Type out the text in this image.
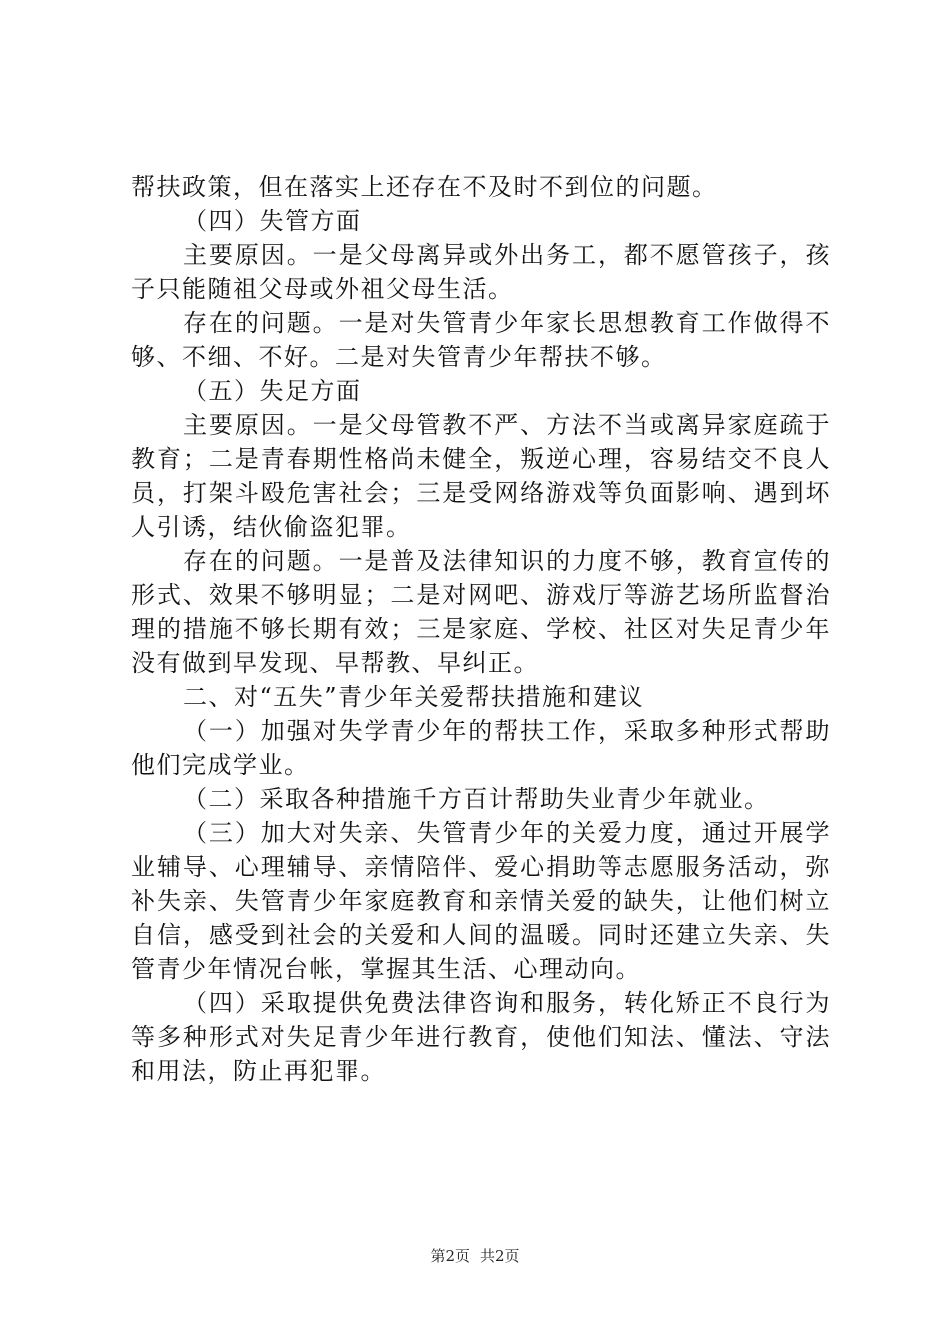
帮扶政策，但在落实上还存在不及时不到位的问题。

（四）失管方面

主要原因。一是父母离异或外出务工，都不愿管孩子，孩子只能随祖父母或外祖父母生活。

存在的问题。一是对失管青少年家长思想教育工作做得不够、不细、不好。二是对失管青少年帮扶不够。

（五）失足方面

主要原因。一是父母管教不严、方法不当或离异家庭疏于教育；二是青春期性格尚未健全，叛逆心理，容易结交不良人员，打架斗殴危害社会；三是受网络游戏等负面影响、遇到坏人引诱，结伙偷盗犯罪。

存在的问题。一是普及法律知识的力度不够，教育宣传的形式、效果不够明显；二是对网吧、游戏厅等游艺场所监督治理的措施不够长期有效；三是家庭、学校、社区对失足青少年没有做到早发现、早帮教、早纠正。

二、对“五失”青少年关爱帮扶措施和建议

（一）加强对失学青少年的帮扶工作，采取多种形式帮助他们完成学业。

（二）采取各种措施千方百计帮助失业青少年就业。

（三）加大对失亲、失管青少年的关爱力度，通过开展学业辅导、心理辅导、亲情陪伴、爱心捐助等志愿服务活动，弥补失亲、失管青少年家庭教育和亲情关爱的缺失，让他们树立自信，感受到社会的关爱和人间的温暖。同时还建立失亲、失管青少年情况台帐，掌握其生活、心理动向。

（四）采取提供免费法律咨询和服务，转化矫正不良行为等多种形式对失足青少年进行教育，使他们知法、懂法、守法和用法，防止再犯罪。

第2页 共2页
